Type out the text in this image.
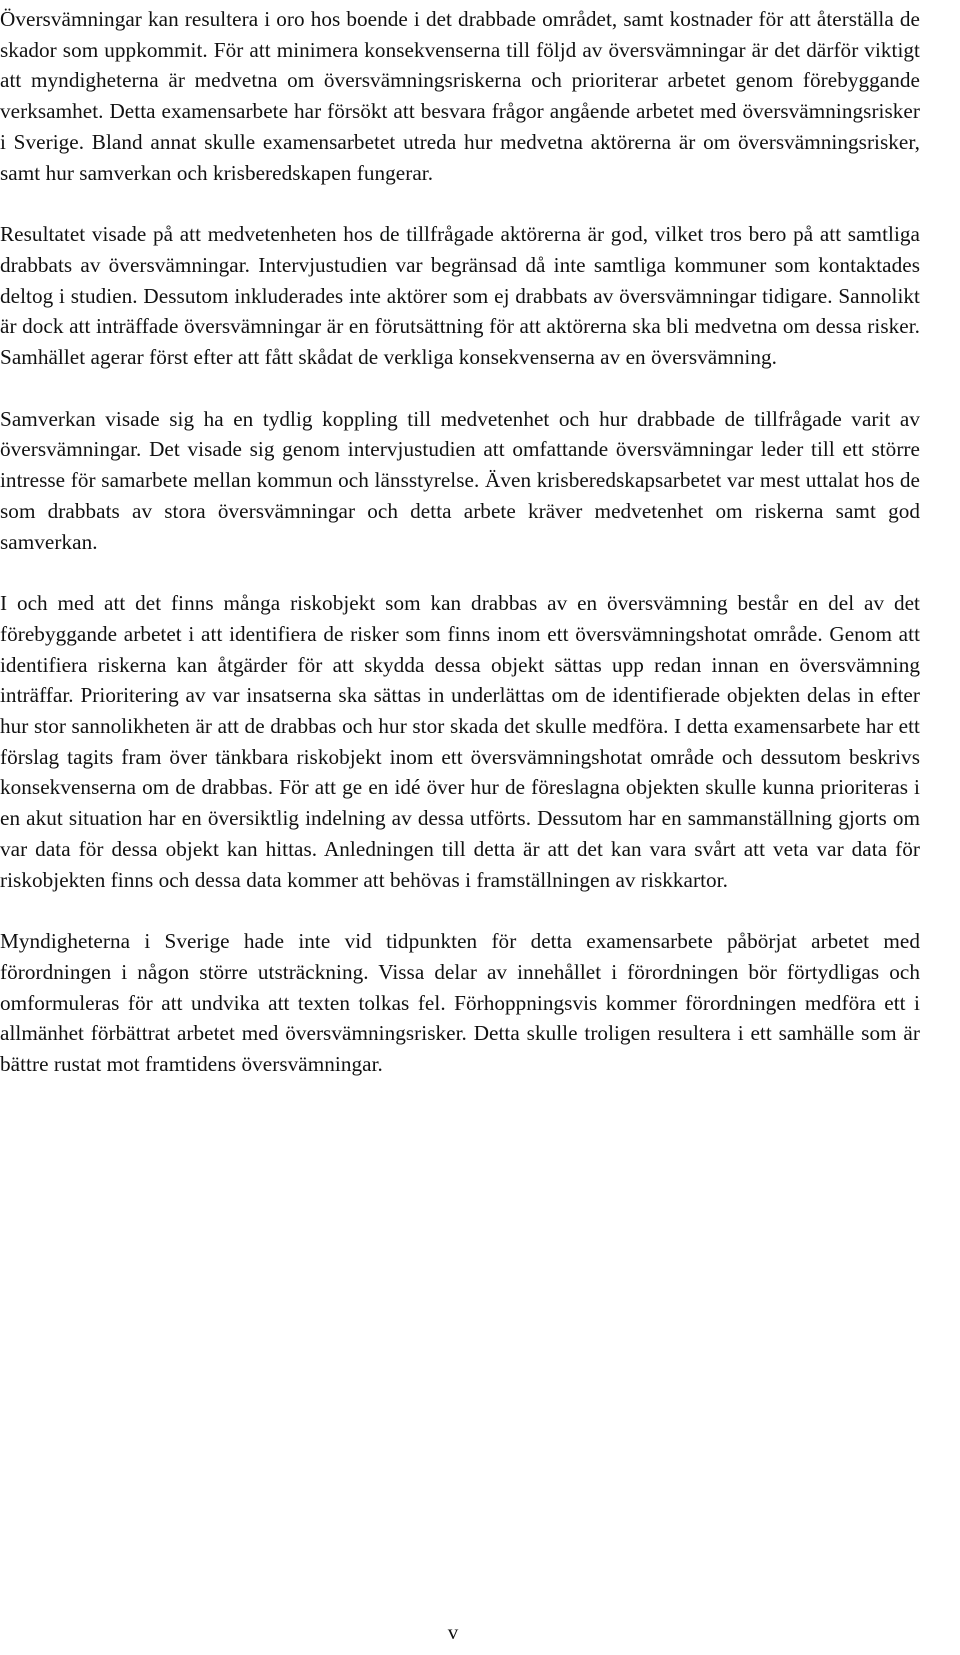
Översvämningar kan resultera i oro hos boende i det drabbade området, samt kostnader för att återställa de skador som uppkommit. För att minimera konsekvenserna till följd av översvämningar är det därför viktigt att myndigheterna är medvetna om översvämningsriskerna och prioriterar arbetet genom förebyggande verksamhet. Detta examensarbete har försökt att besvara frågor angående arbetet med översvämningsrisker i Sverige. Bland annat skulle examensarbetet utreda hur medvetna aktörerna är om översvämningsrisker, samt hur samverkan och krisberedskapen fungerar.

Resultatet visade på att medvetenheten hos de tillfrågade aktörerna är god, vilket tros bero på att samtliga drabbats av översvämningar. Intervjustudien var begränsad då inte samtliga kommuner som kontaktades deltog i studien. Dessutom inkluderades inte aktörer som ej drabbats av översvämningar tidigare. Sannolikt är dock att inträffade översvämningar är en förutsättning för att aktörerna ska bli medvetna om dessa risker. Samhället agerar först efter att fått skådat de verkliga konsekvenserna av en översvämning.

Samverkan visade sig ha en tydlig koppling till medvetenhet och hur drabbade de tillfrågade varit av översvämningar. Det visade sig genom intervjustudien att omfattande översvämningar leder till ett större intresse för samarbete mellan kommun och länsstyrelse. Även krisberedskapsarbetet var mest uttalat hos de som drabbats av stora översvämningar och detta arbete kräver medvetenhet om riskerna samt god samverkan.

I och med att det finns många riskobjekt som kan drabbas av en översvämning består en del av det förebyggande arbetet i att identifiera de risker som finns inom ett översvämningshotat område. Genom att identifiera riskerna kan åtgärder för att skydda dessa objekt sättas upp redan innan en översvämning inträffar. Prioritering av var insatserna ska sättas in underlättas om de identifierade objekten delas in efter hur stor sannolikheten är att de drabbas och hur stor skada det skulle medföra. I detta examensarbete har ett förslag tagits fram över tänkbara riskobjekt inom ett översvämningshotat område och dessutom beskrivs konsekvenserna om de drabbas. För att ge en idé över hur de föreslagna objekten skulle kunna prioriteras i en akut situation har en översiktlig indelning av dessa utförts. Dessutom har en sammanställning gjorts om var data för dessa objekt kan hittas. Anledningen till detta är att det kan vara svårt att veta var data för riskobjekten finns och dessa data kommer att behövas i framställningen av riskkartor.

Myndigheterna i Sverige hade inte vid tidpunkten för detta examensarbete påbörjat arbetet med förordningen i någon större utsträckning. Vissa delar av innehållet i förordningen bör förtydligas och omformuleras för att undvika att texten tolkas fel. Förhoppningsvis kommer förordningen medföra ett i allmänhet förbättrat arbetet med översvämningsrisker. Detta skulle troligen resultera i ett samhälle som är bättre rustat mot framtidens översvämningar.

v
